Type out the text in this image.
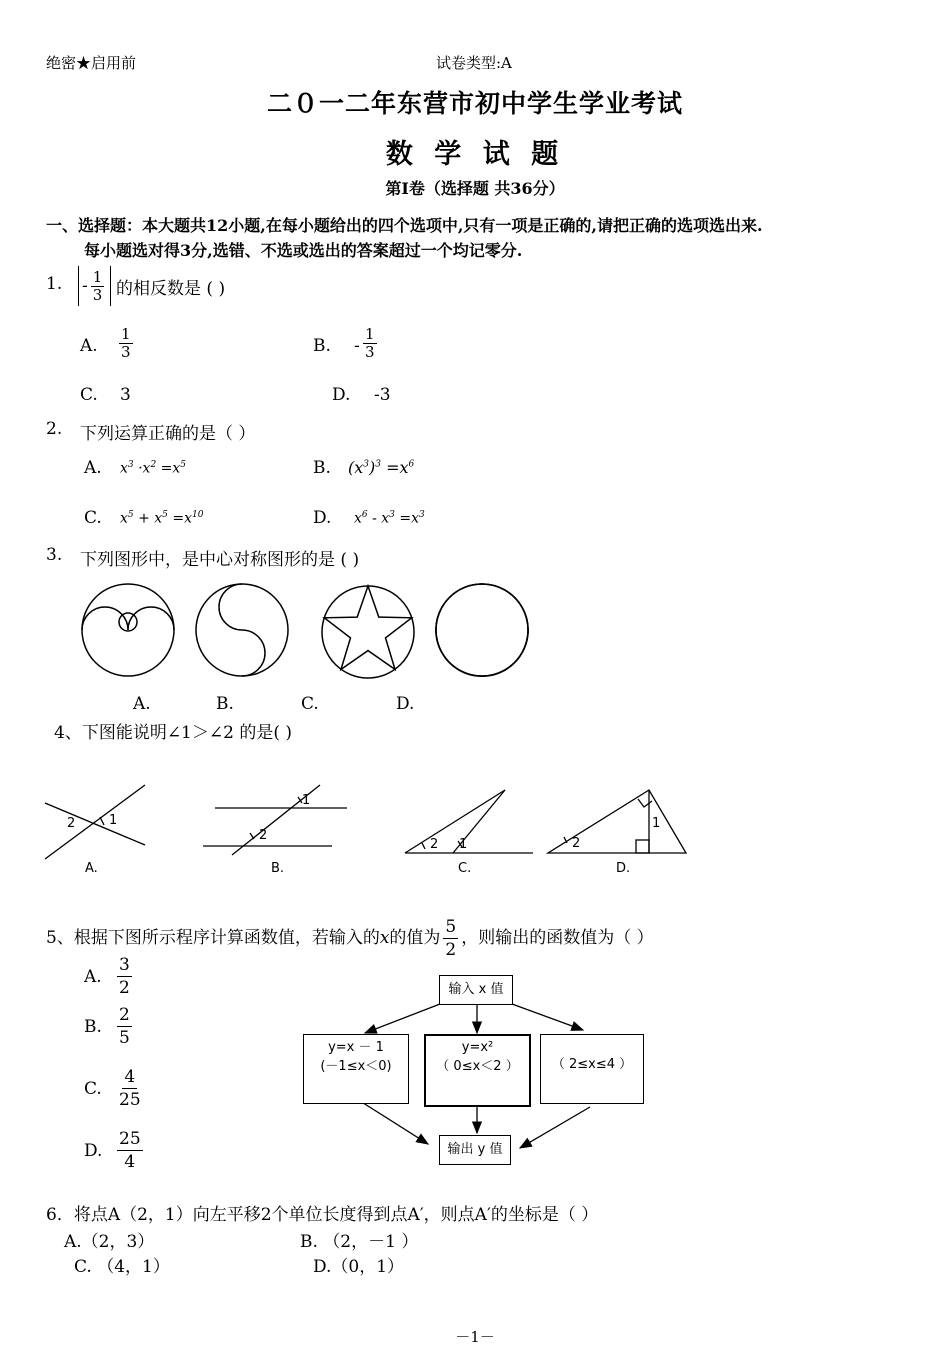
绝密★启用前	试卷类型:A
二０一二年东营市初中学生学业考试
数 学 试 题
第Ⅰ卷（选择题 共36分）
一、选择题：本大题共12小题,在每小题给出的四个选项中,只有一项是正确的,请把正确的选项选出来.
每小题选对得3分,选错、不选或选出的答案超过一个均记零分.
1. - $\frac{1}{3}$ 的相反数是 ( )
A. $\frac{1}{3}$	B. - $\frac{1}{3}$
C. 3	D. -3
2. 下列运算正确的是（ ）
A. $x^3 \cdot x^2 =x^5$	B. $(x^3)^3 =x^6$
C. $x^5 + x^5 =x^{10}$	D. $x^6 - x^3 =x^3$
3. 下列图形中，是中心对称图形的是 ( )
A.	B.	C.	D.
4、下图能说明∠1＞∠2 的是( )
2	1
1
2
2 1	2
1
A.	B.	C.	D.
5、根据下图所示程序计算函数值，若输入的x的值为 $\frac{5}{2}$ ，则输出的函数值为（ ）
A. $\frac{3}{2}$
B. $\frac{2}{5}$
C. $\frac{4}{25}$
D. $\frac{25}{4}$
输入 x 值
y=x － 1
(－1≤x＜0)
y=x²
（ 0≤x＜2 ）	（ 2≤x≤4 ）
输出 y 值
6．将点A（2，1）向左平移2个单位长度得到点A′，则点A′的坐标是（ ）
A.（2，3）	B. （2，－1 ）
C. （4，1）	D.（0，1）
－1－
